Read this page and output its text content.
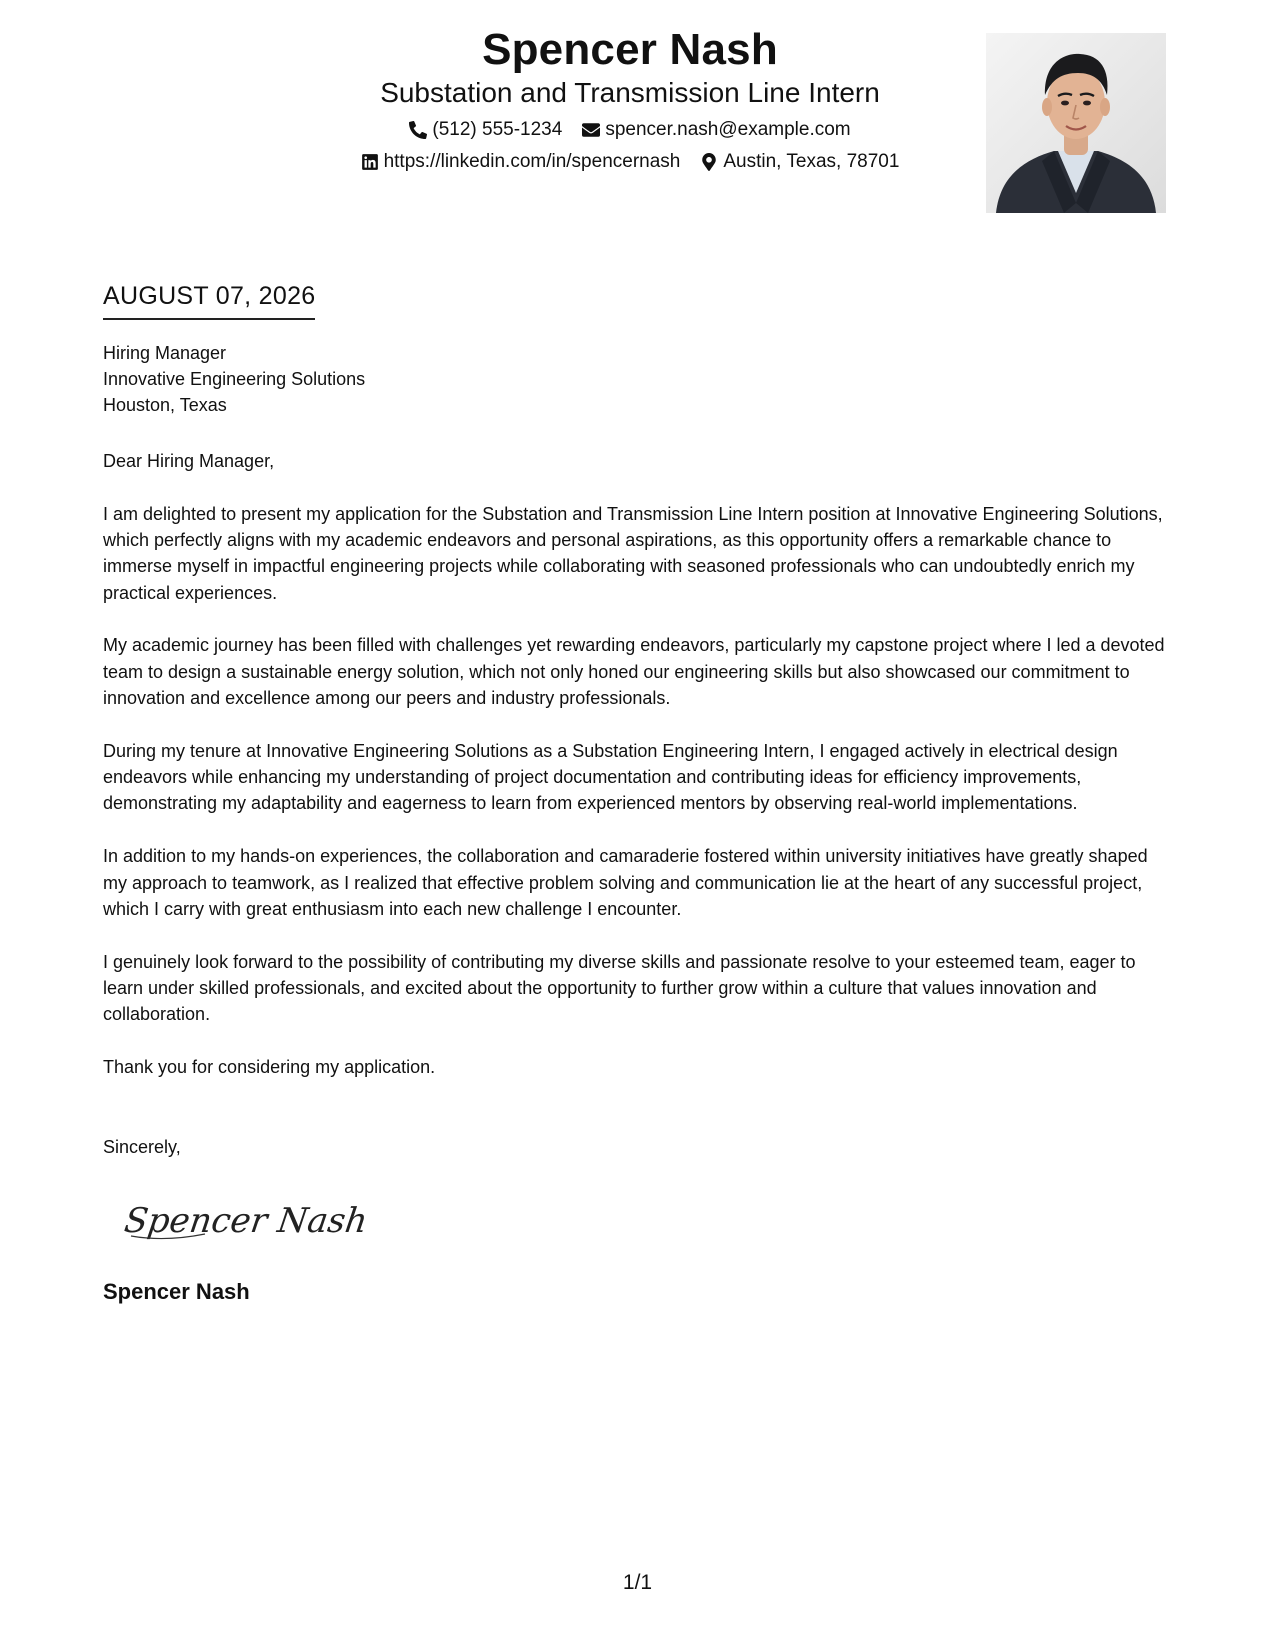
Spencer Nash
Substation and Transmission Line Intern
(512) 555-1234 spencer.nash@example.com
https://linkedin.com/in/spencernash Austin, Texas, 78701
AUGUST 07, 2026
Hiring Manager
Innovative Engineering Solutions
Houston, Texas

Dear Hiring Manager,

I am delighted to present my application for the Substation and Transmission Line Intern position at Innovative Engineering Solutions, which perfectly aligns with my academic endeavors and personal aspirations, as this opportunity offers a remarkable chance to immerse myself in impactful engineering projects while collaborating with seasoned professionals who can undoubtedly enrich my practical experiences.

My academic journey has been filled with challenges yet rewarding endeavors, particularly my capstone project where I led a devoted team to design a sustainable energy solution, which not only honed our engineering skills but also showcased our commitment to innovation and excellence among our peers and industry professionals.

During my tenure at Innovative Engineering Solutions as a Substation Engineering Intern, I engaged actively in electrical design endeavors while enhancing my understanding of project documentation and contributing ideas for efficiency improvements, demonstrating my adaptability and eagerness to learn from experienced mentors by observing real-world implementations.

In addition to my hands-on experiences, the collaboration and camaraderie fostered within university initiatives have greatly shaped my approach to teamwork, as I realized that effective problem solving and communication lie at the heart of any successful project, which I carry with great enthusiasm into each new challenge I encounter.

I genuinely look forward to the possibility of contributing my diverse skills and passionate resolve to your esteemed team, eager to learn under skilled professionals, and excited about the opportunity to further grow within a culture that values innovation and collaboration.

Thank you for considering my application.

Sincerely,
Spencer Nash
Spencer Nash
1/1
